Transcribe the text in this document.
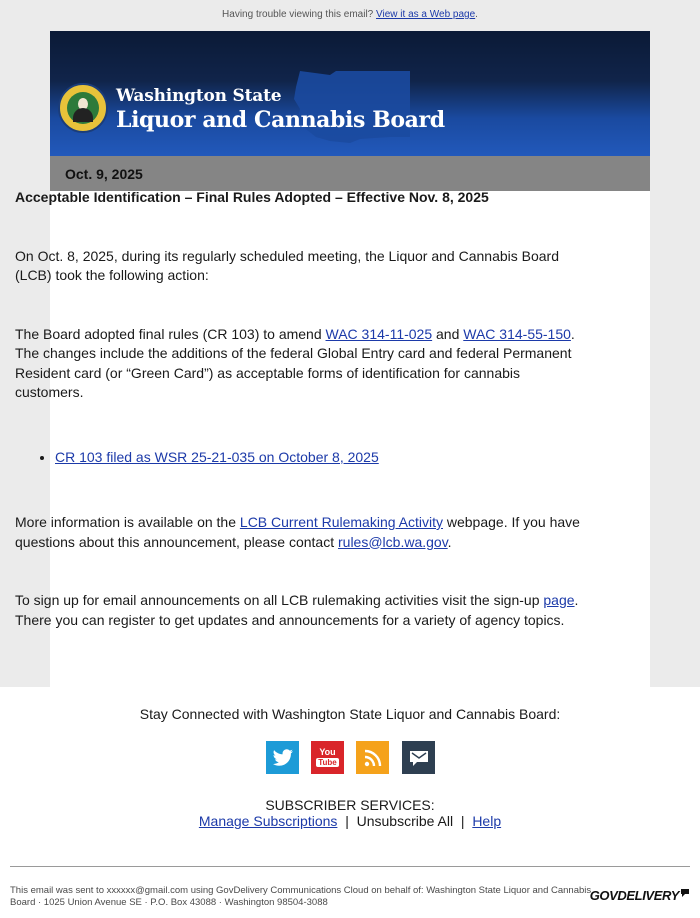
Having trouble viewing this email? View it as a Web page.
Washington State
Liquor and Cannabis Board
Oct. 9, 2025

Acceptable Identification – Final Rules Adopted – Effective Nov. 8, 2025

On Oct. 8, 2025, during its regularly scheduled meeting, the Liquor and Cannabis Board (LCB) took the following action:

The Board adopted final rules (CR 103) to amend WAC 314-11-025 and WAC 314-55-150. The changes include the additions of the federal Global Entry card and federal Permanent Resident card (or “Green Card”) as acceptable forms of identification for cannabis customers.

• CR 103 filed as WSR 25-21-035 on October 8, 2025

More information is available on the LCB Current Rulemaking Activity webpage. If you have questions about this announcement, please contact rules@lcb.wa.gov.

To sign up for email announcements on all LCB rulemaking activities visit the sign-up page. There you can register to get updates and announcements for a variety of agency topics.

Stay Connected with Washington State Liquor and Cannabis Board:
You
Tube
SUBSCRIBER SERVICES:
Manage Subscriptions | Unsubscribe All | Help
This email was sent to xxxxxx@gmail.com using GovDelivery Communications Cloud on behalf of: Washington State Liquor and Cannabis Board · 1025 Union Avenue SE · P.O. Box 43088 · Washington 98504-3088	GOVDELIVERY
